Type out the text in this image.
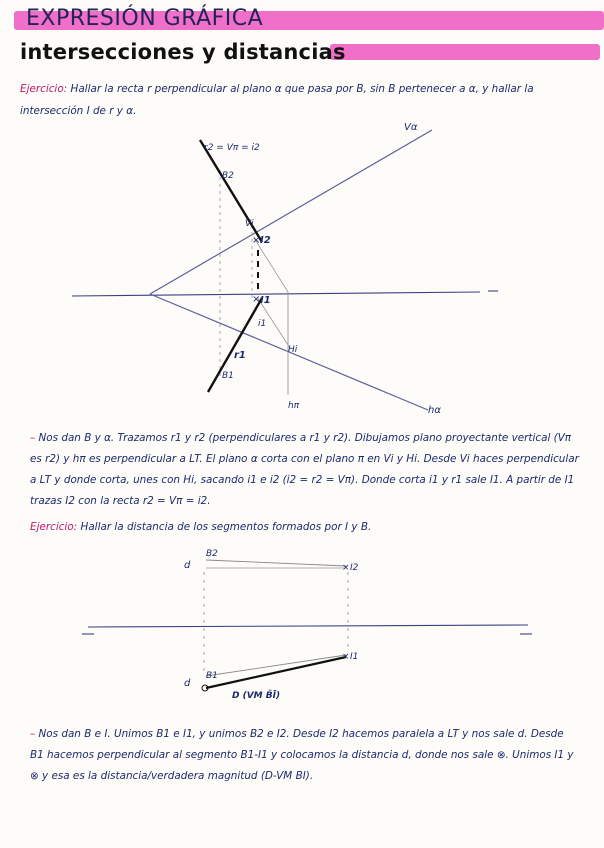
EXPRESIÓN GRÁFICA
intersecciones y distancias
Ejercicio: Hallar la recta r perpendicular al plano α que pasa por B, sin B pertenecer a α, y hallar la intersección I de r y α.
×
×
Vα
hα
r2 = Vπ = i2
B2
Vi
I2
I1
i1
r1	Hi
B1
hπ
×
×
d
B2
I2
B1
I1
d
D (VM B̄Ī)
– Nos dan B y α. Trazamos r1 y r2 (perpendiculares a r1 y r2). Dibujamos plano proyectante vertical (Vπ es r2) y hπ es perpendicular a LT. El plano α corta con el plano π en Vi y Hi. Desde Vi haces perpendicular a LT y donde corta, unes con Hi, sacando i1 e i2 (i2 = r2 = Vπ). Donde corta i1 y r1 sale I1. A partir de I1 trazas I2 con la recta r2 = Vπ = i2.
Ejercicio: Hallar la distancia de los segmentos formados por I y B.
– Nos dan B e I. Unimos B1 e I1, y unimos B2 e I2. Desde I2 hacemos paralela a LT y nos sale d. Desde B1 hacemos perpendicular al segmento B1-I1 y colocamos la distancia d, donde nos sale ⊗. Unimos I1 y ⊗ y esa es la distancia/verdadera magnitud (D-VM BI).
